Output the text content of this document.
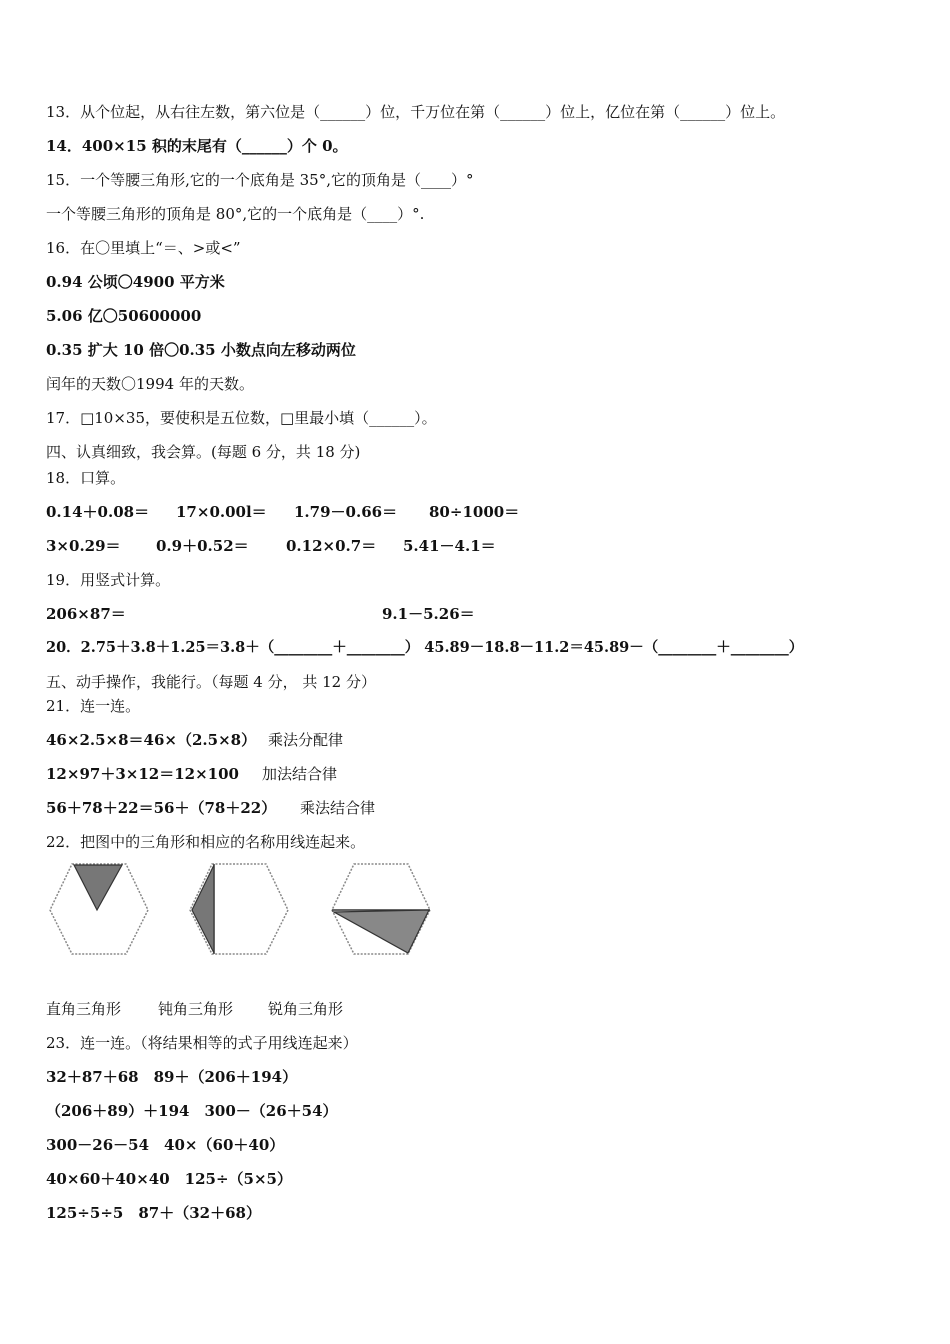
13．从个位起，从右往左数，第六位是（______）位，千万位在第（______）位上，亿位在第（______）位上。
14．400×15 积的末尾有（______）个 0。
15．一个等腰三角形,它的一个底角是 35°,它的顶角是（____）°
一个等腰三角形的顶角是 80°,它的一个底角是（____）°.
16．在〇里填上“＝、>或<”
0.94 公顷〇4900 平方米
5.06 亿〇50600000
0.35 扩大 10 倍〇0.35 小数点向左移动两位
闰年的天数〇1994 年的天数。
17．□10×35，要使积是五位数，□里最小填（______）。
四、认真细致，我会算。(每题 6 分，共 18 分)
18．口算。
0.14＋0.08＝ 17×0.00l＝ 1.79－0.66＝ 80÷1000＝
3×0.29＝ 0.9＋0.52＝ 0.12×0.7＝ 5.41－4.1＝
19．用竖式计算。
206×87＝	9.1－5.26＝
20．2.75＋3.8＋1.25＝3.8＋（________＋________） 45.89－18.8－11.2＝45.89－（________＋________）
五、动手操作，我能行。（每题 4 分， 共 12 分）
21．连一连。
46×2.5×8＝46×（2.5×8） 乘法分配律
12×97＋3×12＝12×100 加法结合律
56＋78＋22＝56＋（78＋22） 乘法结合律
22．把图中的三角形和相应的名称用线连起来。
直角三角形 钝角三角形 锐角三角形
23．连一连。（将结果相等的式子用线连起来）
32＋87＋68　89＋（206＋194）
（206＋89）＋194　300－（26＋54）
300－26－54　40×（60＋40）
40×60＋40×40　125÷（5×5）
125÷5÷5　87＋（32＋68）
